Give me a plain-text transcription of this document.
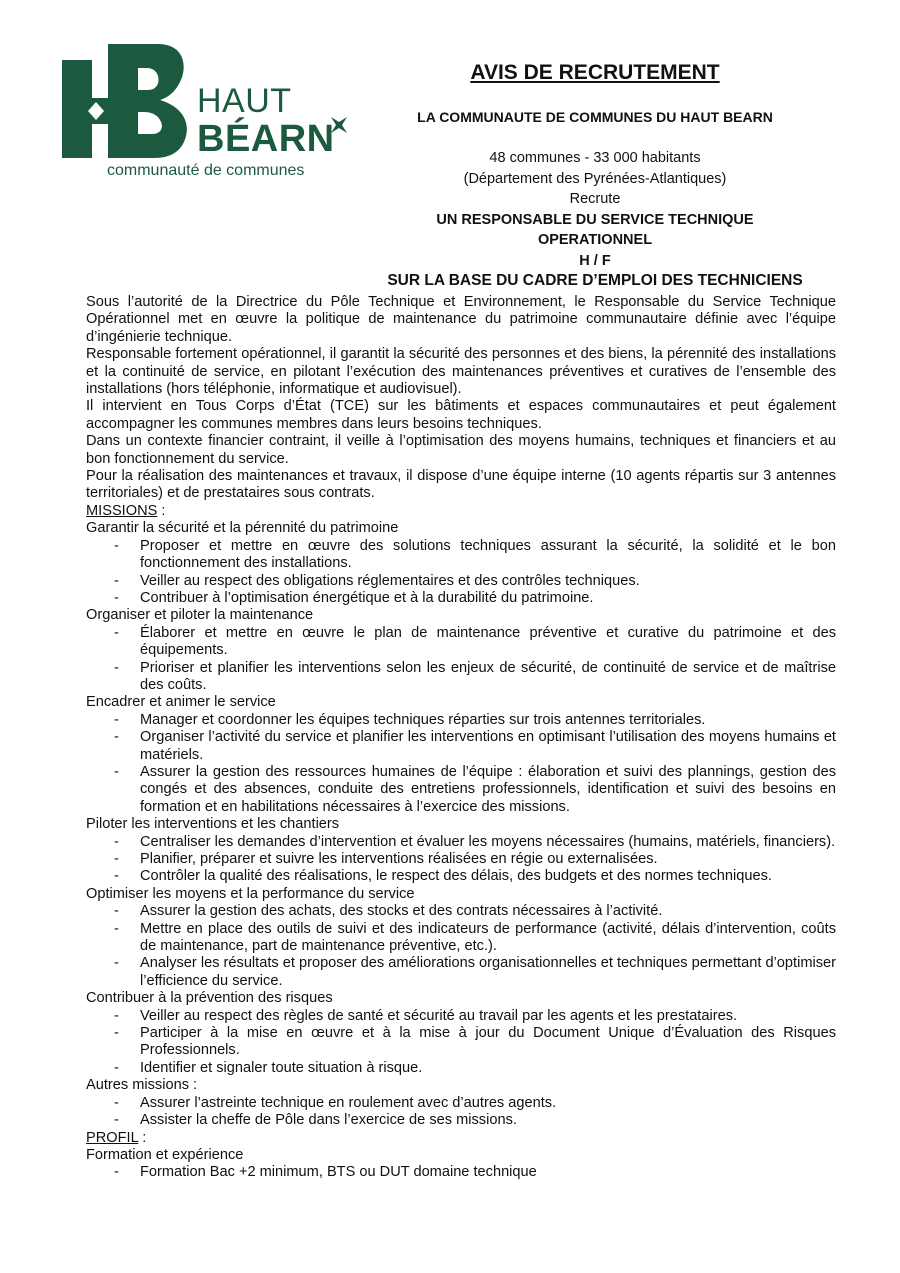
HAUT
BÉARN
communauté de communes
AVIS DE RECRUTEMENT
LA COMMUNAUTE DE COMMUNES DU HAUT BEARN
48 communes - 33 000 habitants
(Département des Pyrénées-Atlantiques)
Recrute
UN RESPONSABLE DU SERVICE TECHNIQUE OPERATIONNEL
H / F
SUR LA BASE DU CADRE D’EMPLOI DES TECHNICIENS

Sous l’autorité de la Directrice du Pôle Technique et Environnement, le Responsable du Service Technique Opérationnel met en œuvre la politique de maintenance du patrimoine communautaire définie avec l’équipe d’ingénierie technique.

Responsable fortement opérationnel, il garantit la sécurité des personnes et des biens, la pérennité des installations et la continuité de service, en pilotant l’exécution des maintenances préventives et curatives de l’ensemble des installations (hors téléphonie, informatique et audiovisuel).

Il intervient en Tous Corps d’État (TCE) sur les bâtiments et espaces communautaires et peut également accompagner les communes membres dans leurs besoins techniques.

Dans un contexte financier contraint, il veille à l’optimisation des moyens humains, techniques et financiers et au bon fonctionnement du service.

Pour la réalisation des maintenances et travaux, il dispose d’une équipe interne (10 agents répartis sur 3 antennes territoriales) et de prestataires sous contrats.

MISSIONS :

Garantir la sécurité et la pérennité du patrimoine

- Proposer et mettre en œuvre des solutions techniques assurant la sécurité, la solidité et le bon fonctionnement des installations.
- Veiller au respect des obligations réglementaires et des contrôles techniques.
- Contribuer à l’optimisation énergétique et à la durabilité du patrimoine.

Organiser et piloter la maintenance

- Élaborer et mettre en œuvre le plan de maintenance préventive et curative du patrimoine et des équipements.
- Prioriser et planifier les interventions selon les enjeux de sécurité, de continuité de service et de maîtrise des coûts.

Encadrer et animer le service

- Manager et coordonner les équipes techniques réparties sur trois antennes territoriales.
- Organiser l’activité du service et planifier les interventions en optimisant l’utilisation des moyens humains et matériels.
- Assurer la gestion des ressources humaines de l’équipe : élaboration et suivi des plannings, gestion des congés et des absences, conduite des entretiens professionnels, identification et suivi des besoins en formation et en habilitations nécessaires à l’exercice des missions.

Piloter les interventions et les chantiers

- Centraliser les demandes d’intervention et évaluer les moyens nécessaires (humains, matériels, financiers).
- Planifier, préparer et suivre les interventions réalisées en régie ou externalisées.
- Contrôler la qualité des réalisations, le respect des délais, des budgets et des normes techniques.

Optimiser les moyens et la performance du service

- Assurer la gestion des achats, des stocks et des contrats nécessaires à l’activité.
- Mettre en place des outils de suivi et des indicateurs de performance (activité, délais d’intervention, coûts de maintenance, part de maintenance préventive, etc.).
- Analyser les résultats et proposer des améliorations organisationnelles et techniques permettant d’optimiser l’efficience du service.

Contribuer à la prévention des risques

- Veiller au respect des règles de santé et sécurité au travail par les agents et les prestataires.
- Participer à la mise en œuvre et à la mise à jour du Document Unique d’Évaluation des Risques Professionnels.
- Identifier et signaler toute situation à risque.

Autres missions :

- Assurer l’astreinte technique en roulement avec d’autres agents.
- Assister la cheffe de Pôle dans l’exercice de ses missions.

PROFIL :

Formation et expérience

- Formation Bac +2 minimum, BTS ou DUT domaine technique
